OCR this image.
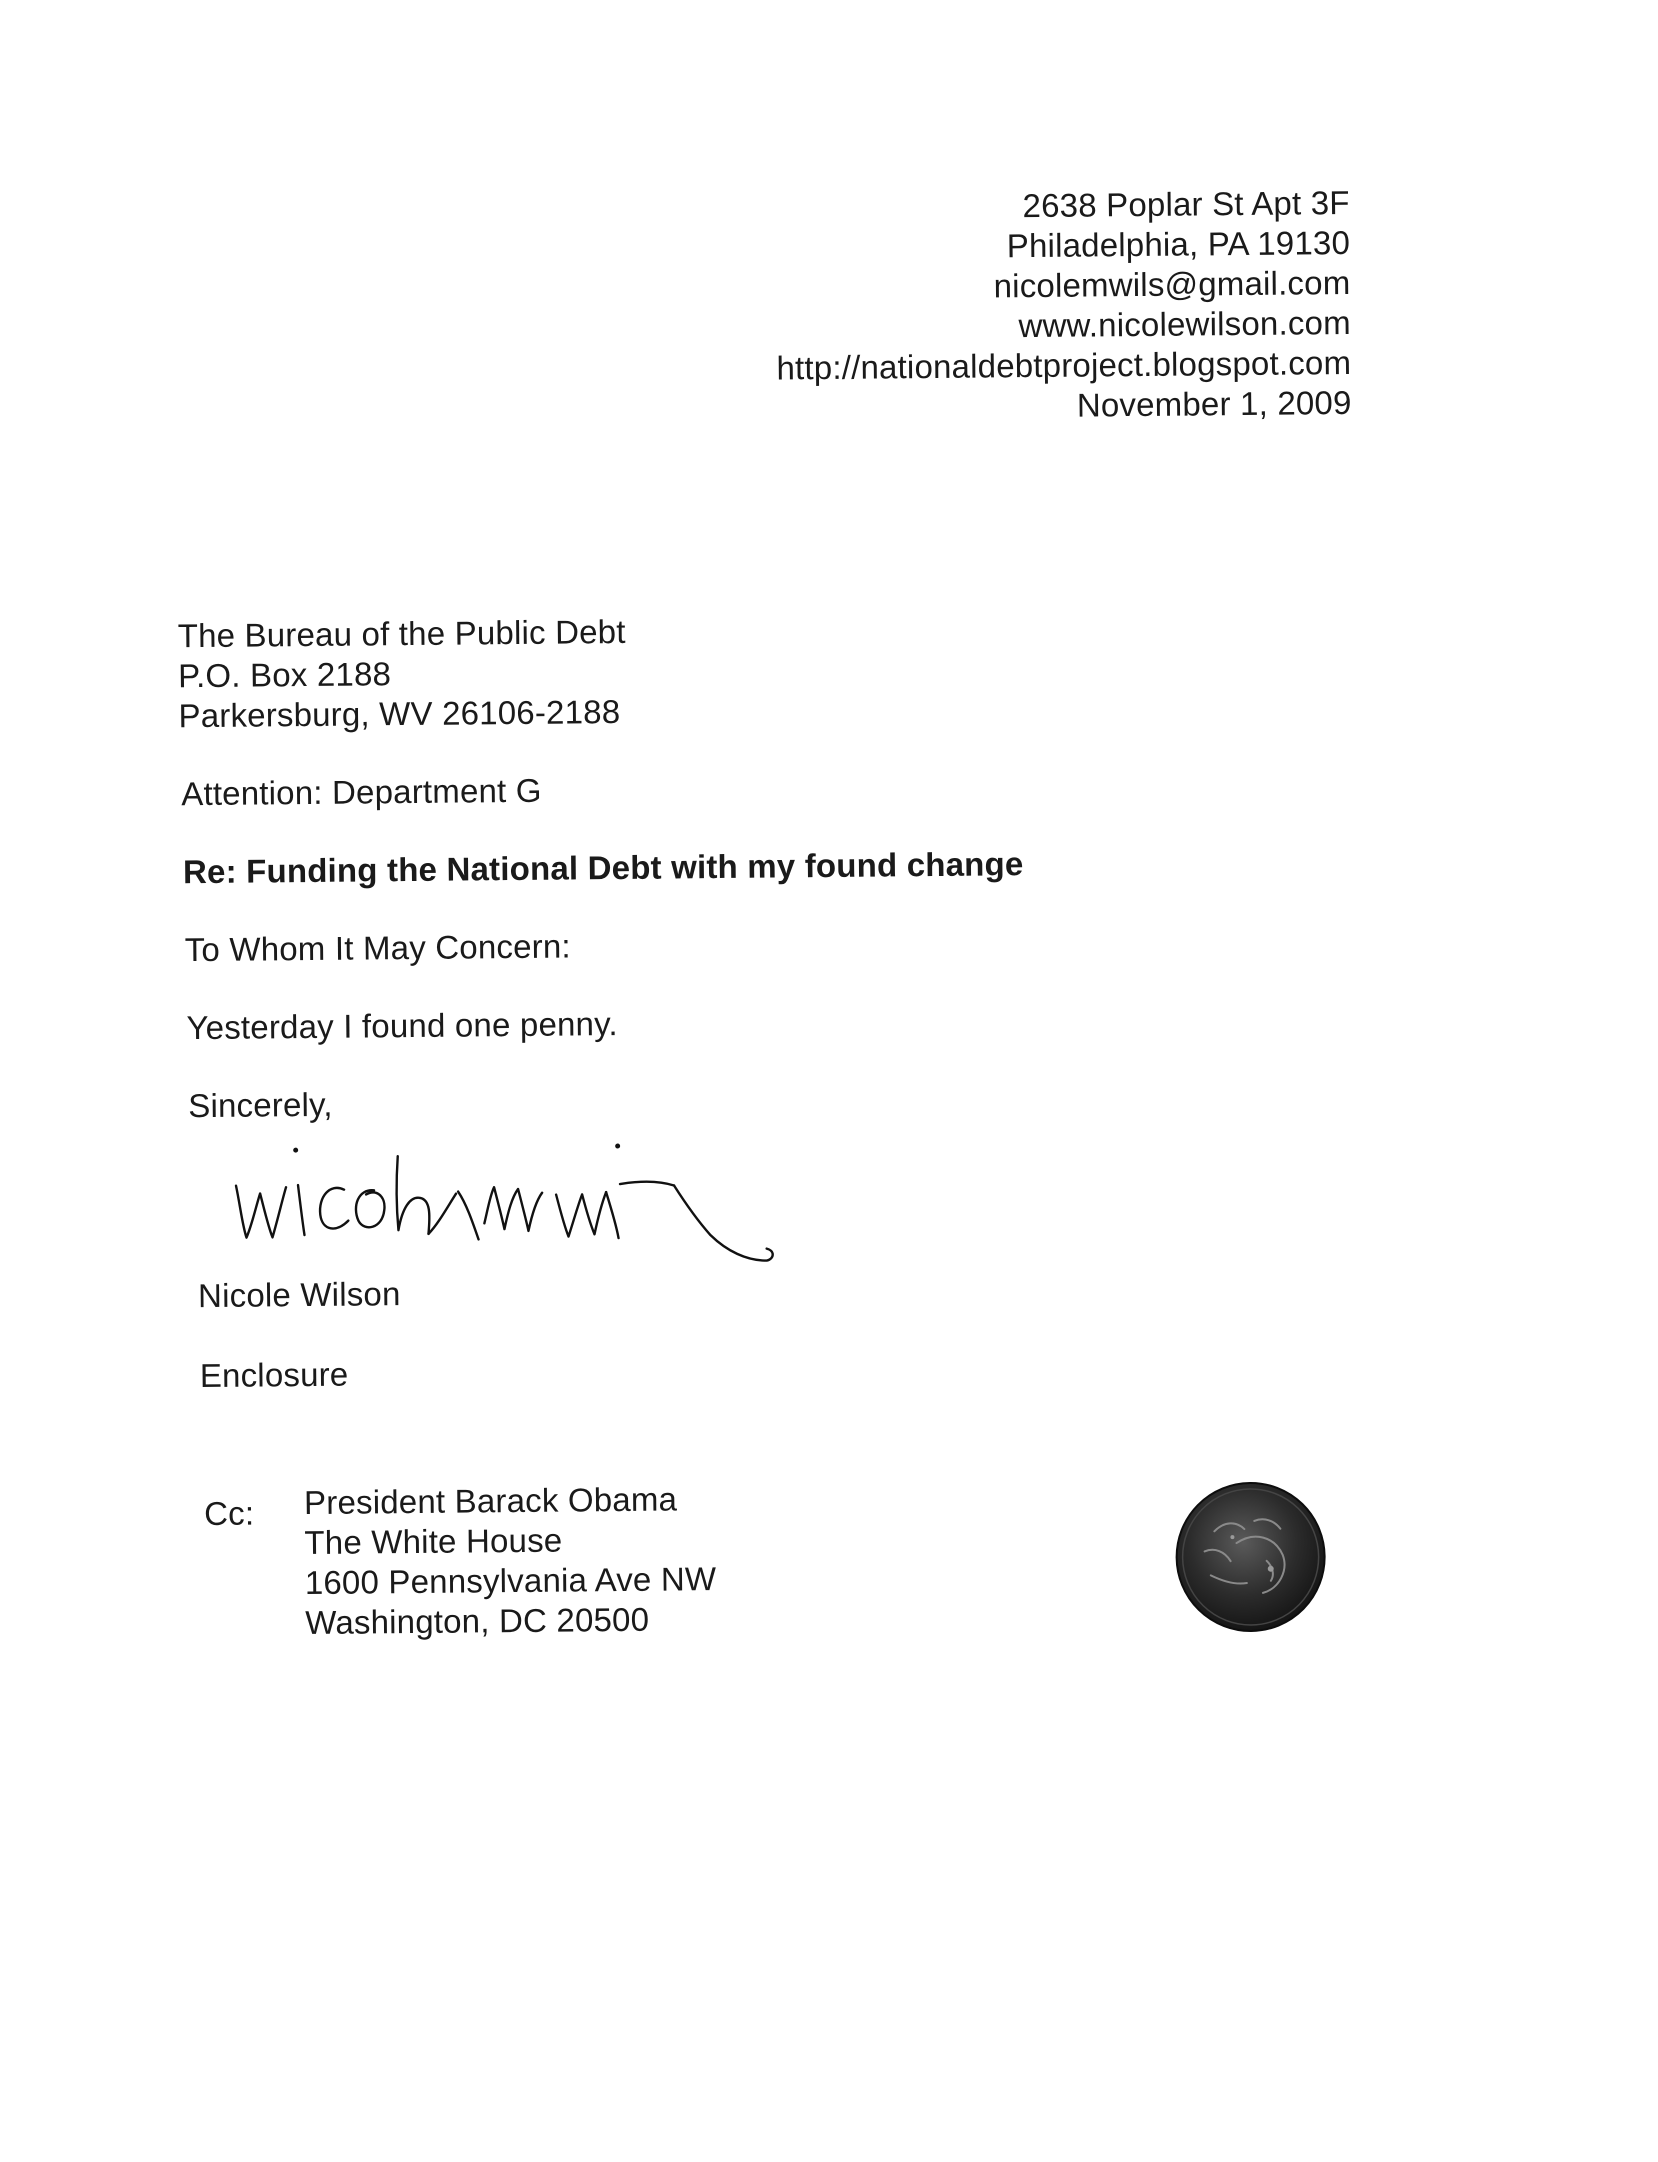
2638 Poplar St Apt 3F
Philadelphia, PA 19130
nicolemwils@gmail.com
www.nicolewilson.com
http://nationaldebtproject.blogspot.com
November 1, 2009
The Bureau of the Public Debt
P.O. Box 2188
Parkersburg, WV 26106-2188
Attention: Department G
Re: Funding the National Debt with my found change
To Whom It May Concern:
Yesterday I found one penny.
Sincerely,
Nicole Wilson
Enclosure
Cc: President Barack Obama
The White House
1600 Pennsylvania Ave NW
Washington, DC 20500
